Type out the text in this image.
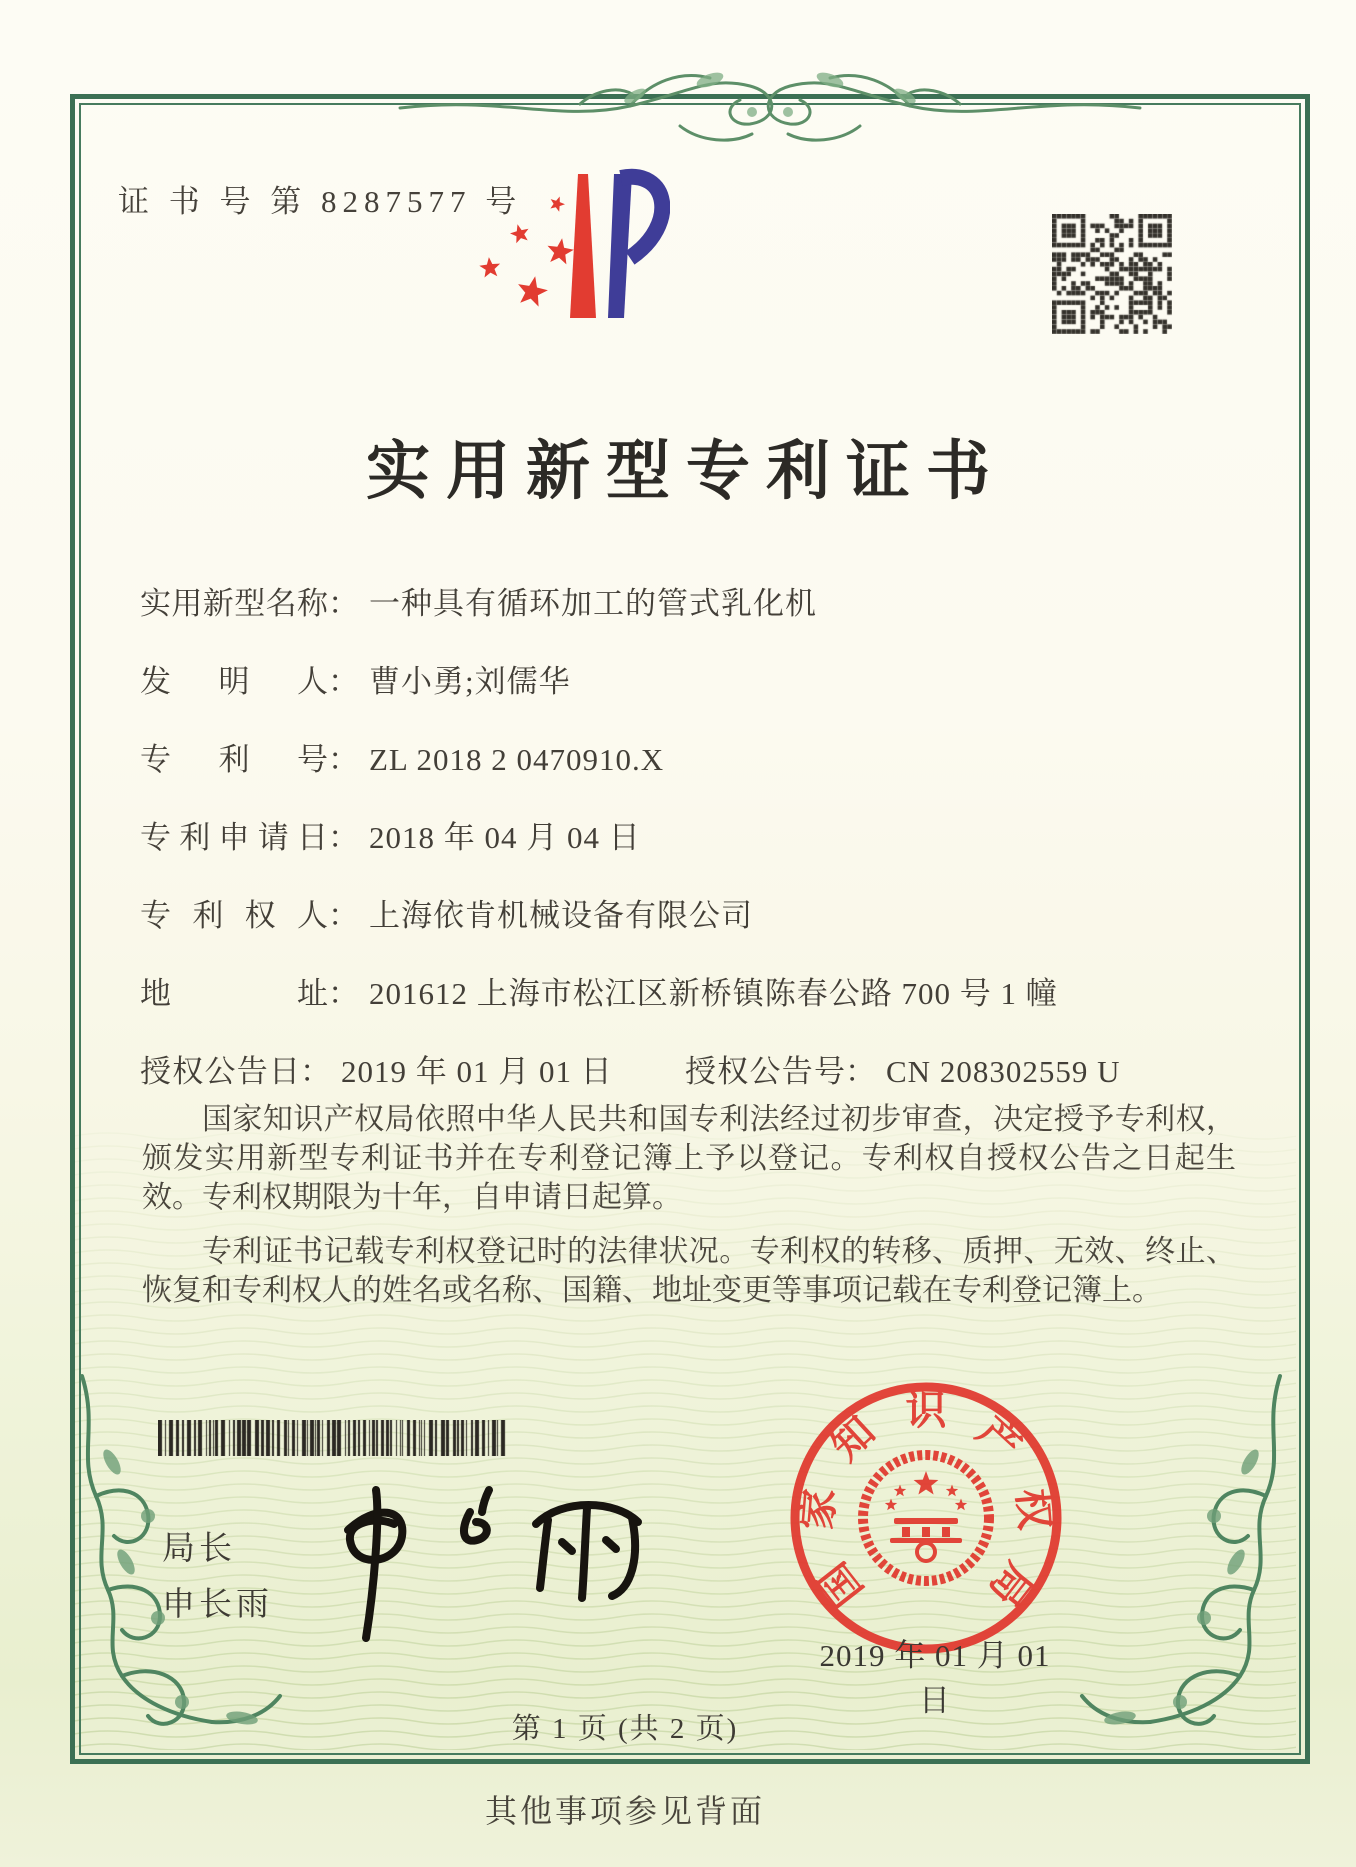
证 书 号 第 8287577 号
实用新型专利证书
实用新型名称： 一种具有循环加工的管式乳化机
发明人： 曹小勇;刘儒华
专利号： ZL 2018 2 0470910.X
专利申请日： 2018 年 04 月 04 日
专利权人： 上海依肯机械设备有限公司
地址： 201612 上海市松江区新桥镇陈春公路 700 号 1 幢
授权公告日： 2019 年 01 月 01 日 授权公告号： CN 208302559 U

国家知识产权局依照中华人民共和国专利法经过初步审查，决定授予专利权，颁发实用新型专利证书并在专利登记簿上予以登记。专利权自授权公告之日起生效。专利权期限为十年，自申请日起算。

专利证书记载专利权登记时的法律状况。专利权的转移、质押、无效、终止、恢复和专利权人的姓名或名称、国籍、地址变更等事项记载在专利登记簿上。

局长
申长雨	国
家
知 识 产
权
局
2019 年 01 月 01 日
第 1 页 (共 2 页)
其他事项参见背面
